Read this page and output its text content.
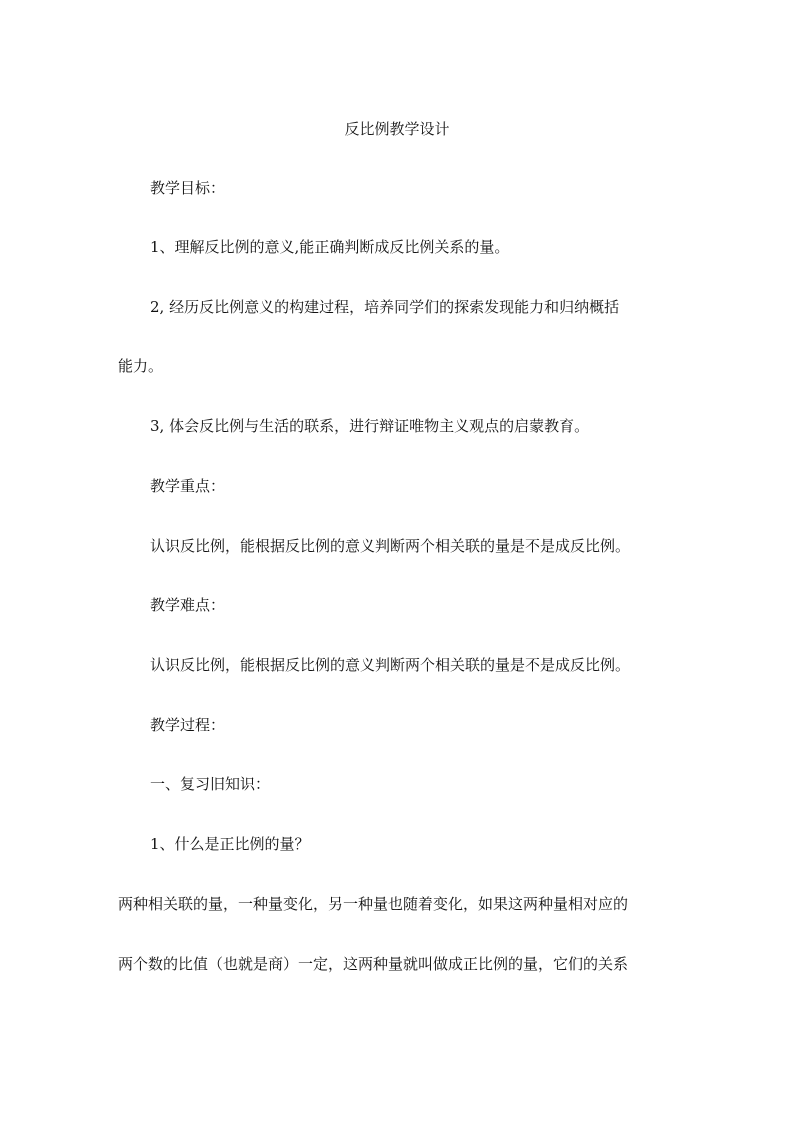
反比例教学设计

教学目标：

1、理解反比例的意义,能正确判断成反比例关系的量。

2, 经历反比例意义的构建过程，培养同学们的探索发现能力和归纳概括

能力。

3, 体会反比例与生活的联系，进行辩证唯物主义观点的启蒙教育。

教学重点：

认识反比例，能根据反比例的意义判断两个相关联的量是不是成反比例。

教学难点：

认识反比例，能根据反比例的意义判断两个相关联的量是不是成反比例。

教学过程：

一、复习旧知识：

1、什么是正比例的量？

两种相关联的量，一种量变化，另一种量也随着变化，如果这两种量相对应的

两个数的比值（也就是商）一定，这两种量就叫做成正比例的量，它们的关系
